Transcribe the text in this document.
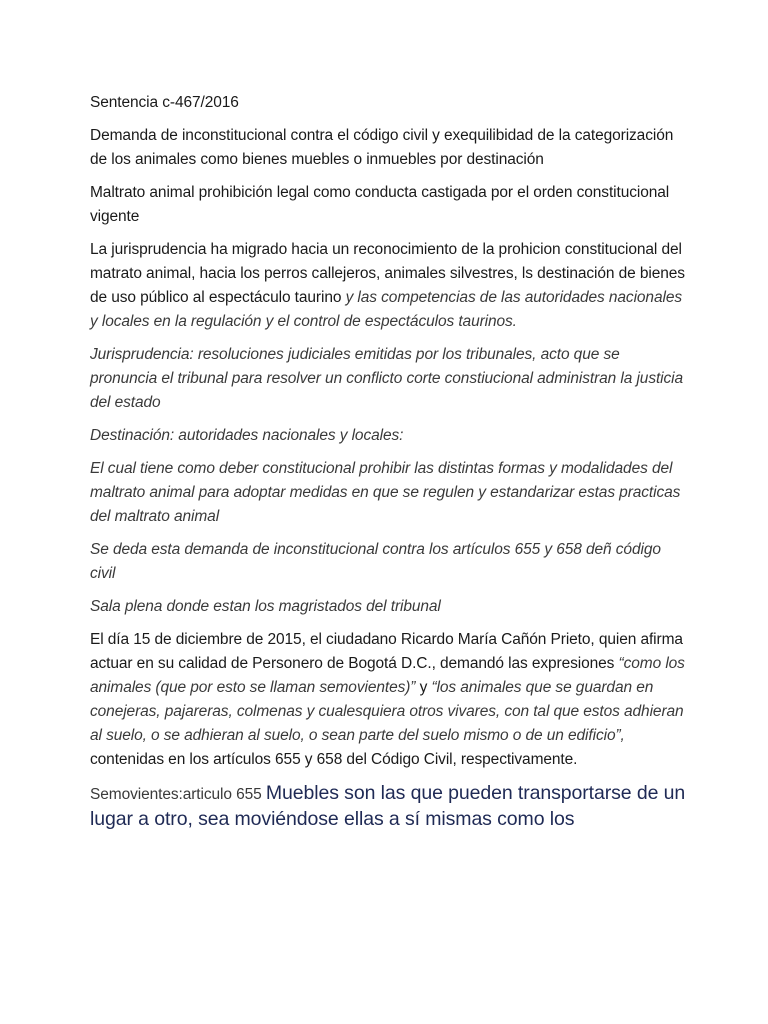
Sentencia c-467/2016

Demanda de inconstitucional contra el código civil y exequilibidad de la categorización de los animales como bienes muebles o inmuebles por destinación

Maltrato animal prohibición legal como conducta castigada por el orden constitucional vigente

La jurisprudencia ha migrado hacia un reconocimiento de la prohicion constitucional del matrato animal, hacia los perros callejeros, animales silvestres, ls destinación de bienes de uso público al espectáculo taurino y las competencias de las autoridades nacionales y locales en la regulación y el control de espectáculos taurinos.

Jurisprudencia: resoluciones judiciales emitidas por los tribunales, acto que se pronuncia el tribunal para resolver un conflicto corte constiucional administran la justicia del estado

Destinación: autoridades nacionales y locales:

El cual tiene como deber constitucional prohibir las distintas formas y modalidades del maltrato animal para adoptar medidas en que se regulen y estandarizar estas practicas del maltrato animal

Se deda esta demanda de inconstitucional contra los artículos 655 y 658 deñ código civil

Sala plena donde estan los magristados del tribunal

El día 15 de diciembre de 2015, el ciudadano Ricardo María Cañón Prieto, quien afirma actuar en su calidad de Personero de Bogotá D.C., demandó las expresiones “como los animales (que por esto se llaman semovientes)” y “los animales que se guardan en conejeras, pajareras, colmenas y cualesquiera otros vivares, con tal que estos adhieran al suelo, o se adhieran al suelo, o sean parte del suelo mismo o de un edificio”, contenidas en los artículos 655 y 658 del Código Civil, respectivamente.

Semovientes:articulo 655 Muebles son las que pueden transportarse de un lugar a otro, sea moviéndose ellas a sí mismas como los
